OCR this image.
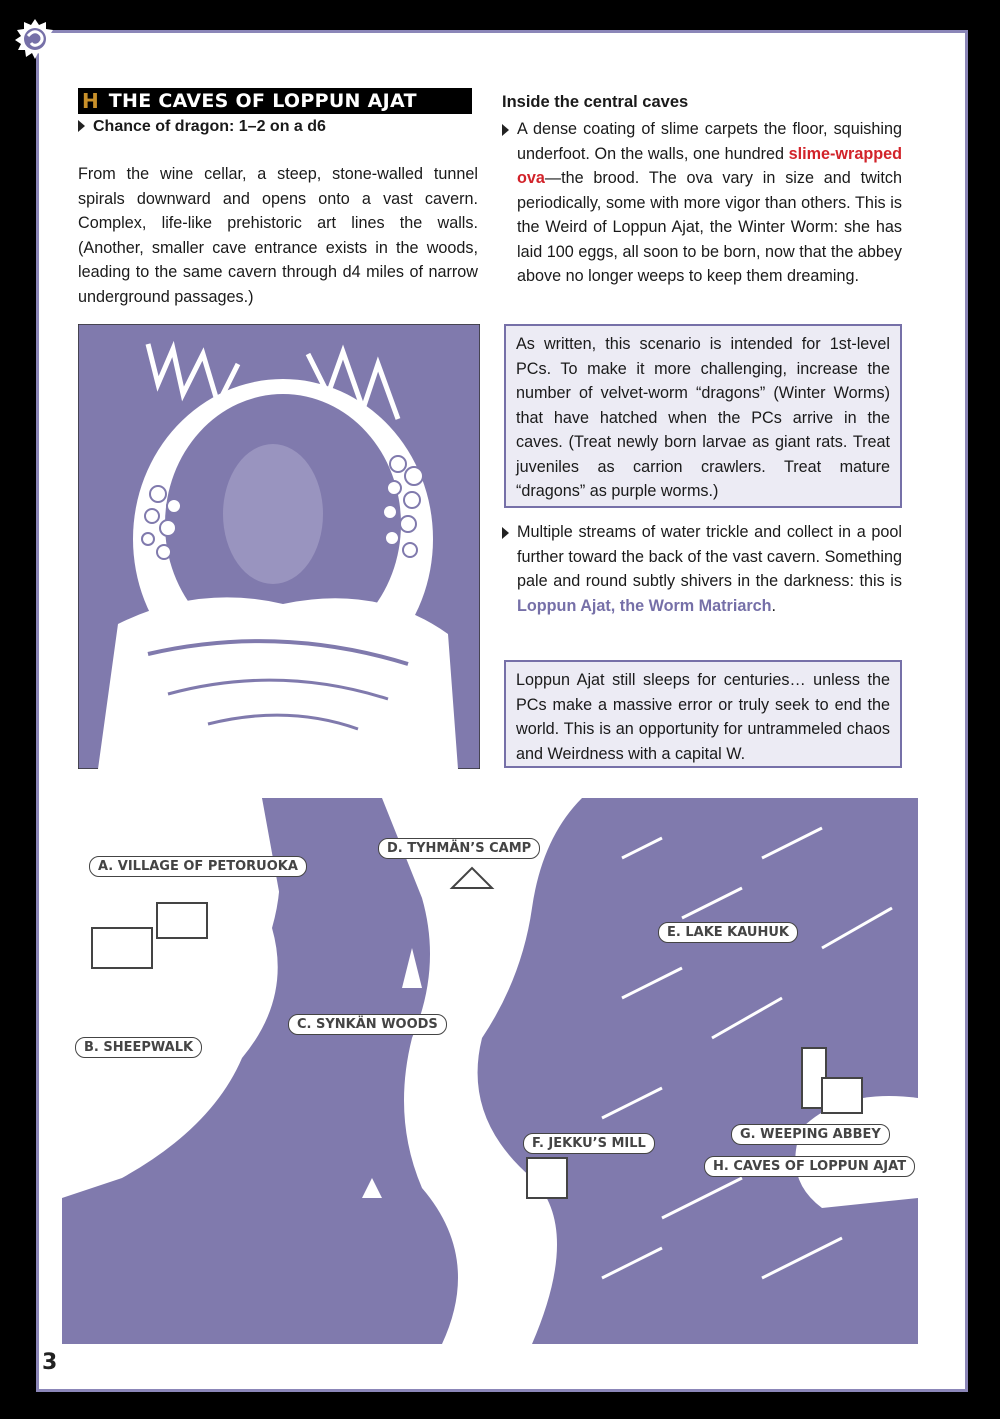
H THE CAVES OF LOPPUN AJAT
Chance of dragon: 1–2 on a d6
From the wine cellar, a steep, stone-walled tunnel spirals downward and opens onto a vast cavern. Complex, life-like prehistoric art lines the walls. (Another, smaller cave entrance exists in the woods, leading to the same cavern through d4 miles of narrow underground passages.)
Inside the central caves
A dense coating of slime carpets the floor, squishing underfoot. On the walls, one hundred slime-wrapped ova—the brood. The ova vary in size and twitch periodically, some with more vigor than others. This is the Weird of Loppun Ajat, the Winter Worm: she has laid 100 eggs, all soon to be born, now that the abbey above no longer weeps to keep them dreaming.
As written, this scenario is intended for 1st-level PCs. To make it more challenging, increase the number of velvet-worm “dragons” (Winter Worms) that have hatched when the PCs arrive in the caves. (Treat newly born larvae as giant rats. Treat juveniles as carrion crawlers. Treat mature “dragons” as purple worms.)
Multiple streams of water trickle and collect in a pool further toward the back of the vast cavern. Something pale and round subtly shivers in the darkness: this is Loppun Ajat, the Worm Matriarch.
Loppun Ajat still sleeps for centuries… unless the PCs make a massive error or truly seek to end the world. This is an opportunity for untrammeled chaos and Weirdness with a capital W.
A. VILLAGE OF PETORUOKA
B. SHEEPWALK
C. SYNKÄN WOODS
D. TYHMÄN’S CAMP
E. LAKE KAUHUK
F. JEKKU’S MILL
G. WEEPING ABBEY
H. CAVES OF LOPPUN AJAT
3
